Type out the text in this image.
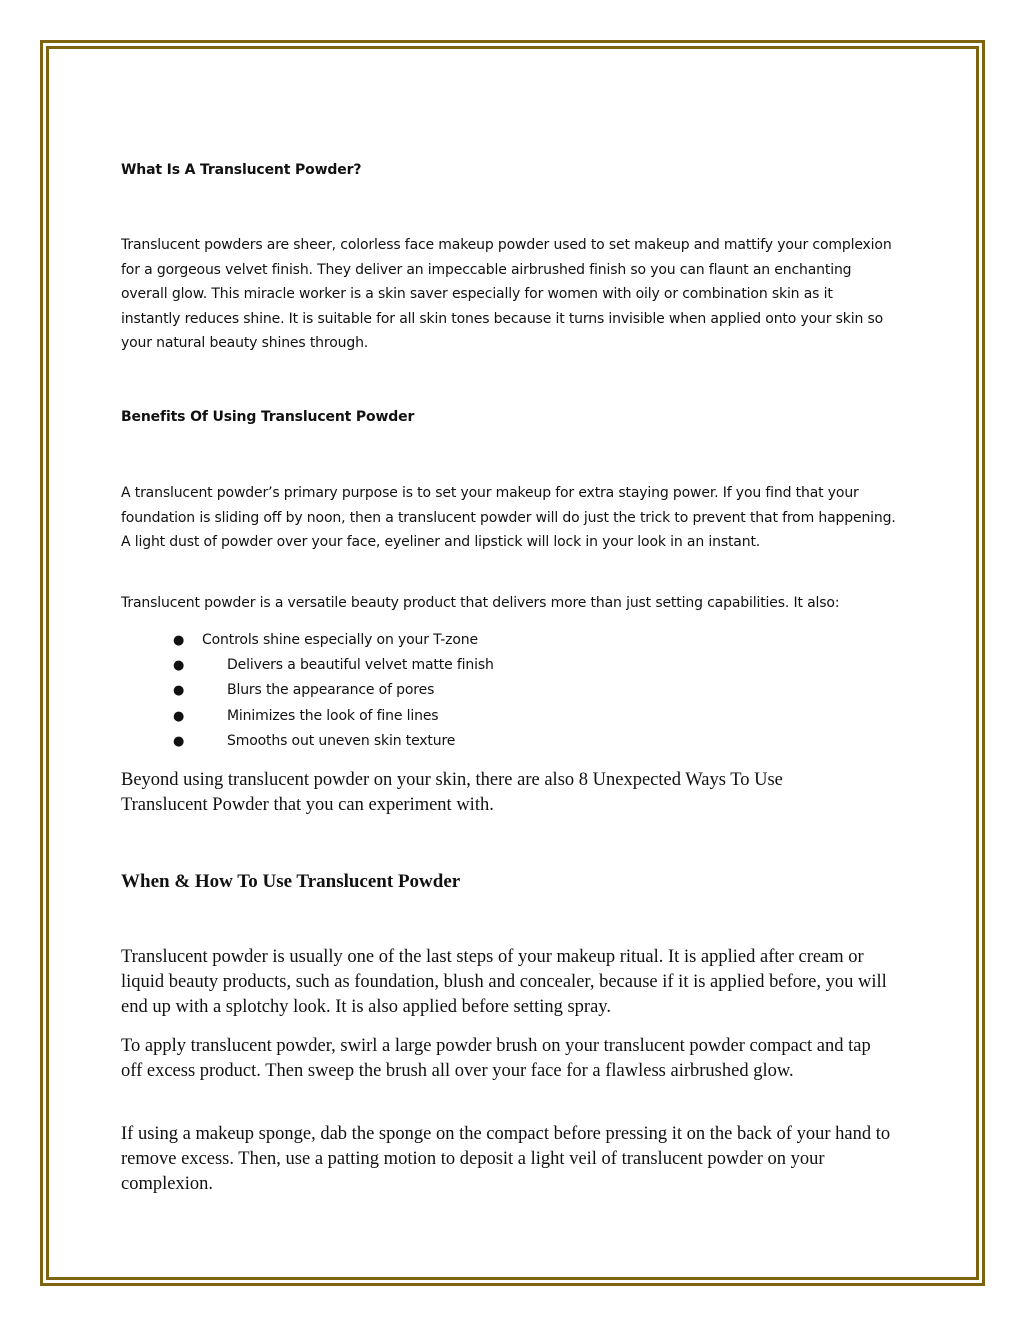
What Is A Translucent Powder?

Translucent powders are sheer, colorless face makeup powder used to set makeup and mattify your complexion for a gorgeous velvet finish. They deliver an impeccable airbrushed finish so you can flaunt an enchanting overall glow. This miracle worker is a skin saver especially for women with oily or combination skin as it instantly reduces shine. It is suitable for all skin tones because it turns invisible when applied onto your skin so your natural beauty shines through.

Benefits Of Using Translucent Powder

A translucent powder’s primary purpose is to set your makeup for extra staying power. If you find that your foundation is sliding off by noon, then a translucent powder will do just the trick to prevent that from happening. A light dust of powder over your face, eyeliner and lipstick will lock in your look in an instant.

Translucent powder is a versatile beauty product that delivers more than just setting capabilities. It also:

● Controls shine especially on your T-zone
●	Delivers a beautiful velvet matte finish
●	Blurs the appearance of pores
●	Minimizes the look of fine lines
●	Smooths out uneven skin texture

Beyond using translucent powder on your skin, there are also 8 Unexpected Ways To Use Translucent Powder that you can experiment with.

When & How To Use Translucent Powder

Translucent powder is usually one of the last steps of your makeup ritual. It is applied after cream or liquid beauty products, such as foundation, blush and concealer, because if it is applied before, you will end up with a splotchy look. It is also applied before setting spray.

To apply translucent powder, swirl a large powder brush on your translucent powder compact and tap off excess product. Then sweep the brush all over your face for a flawless airbrushed glow.

If using a makeup sponge, dab the sponge on the compact before pressing it on the back of your hand to remove excess. Then, use a patting motion to deposit a light veil of translucent powder on your complexion.
